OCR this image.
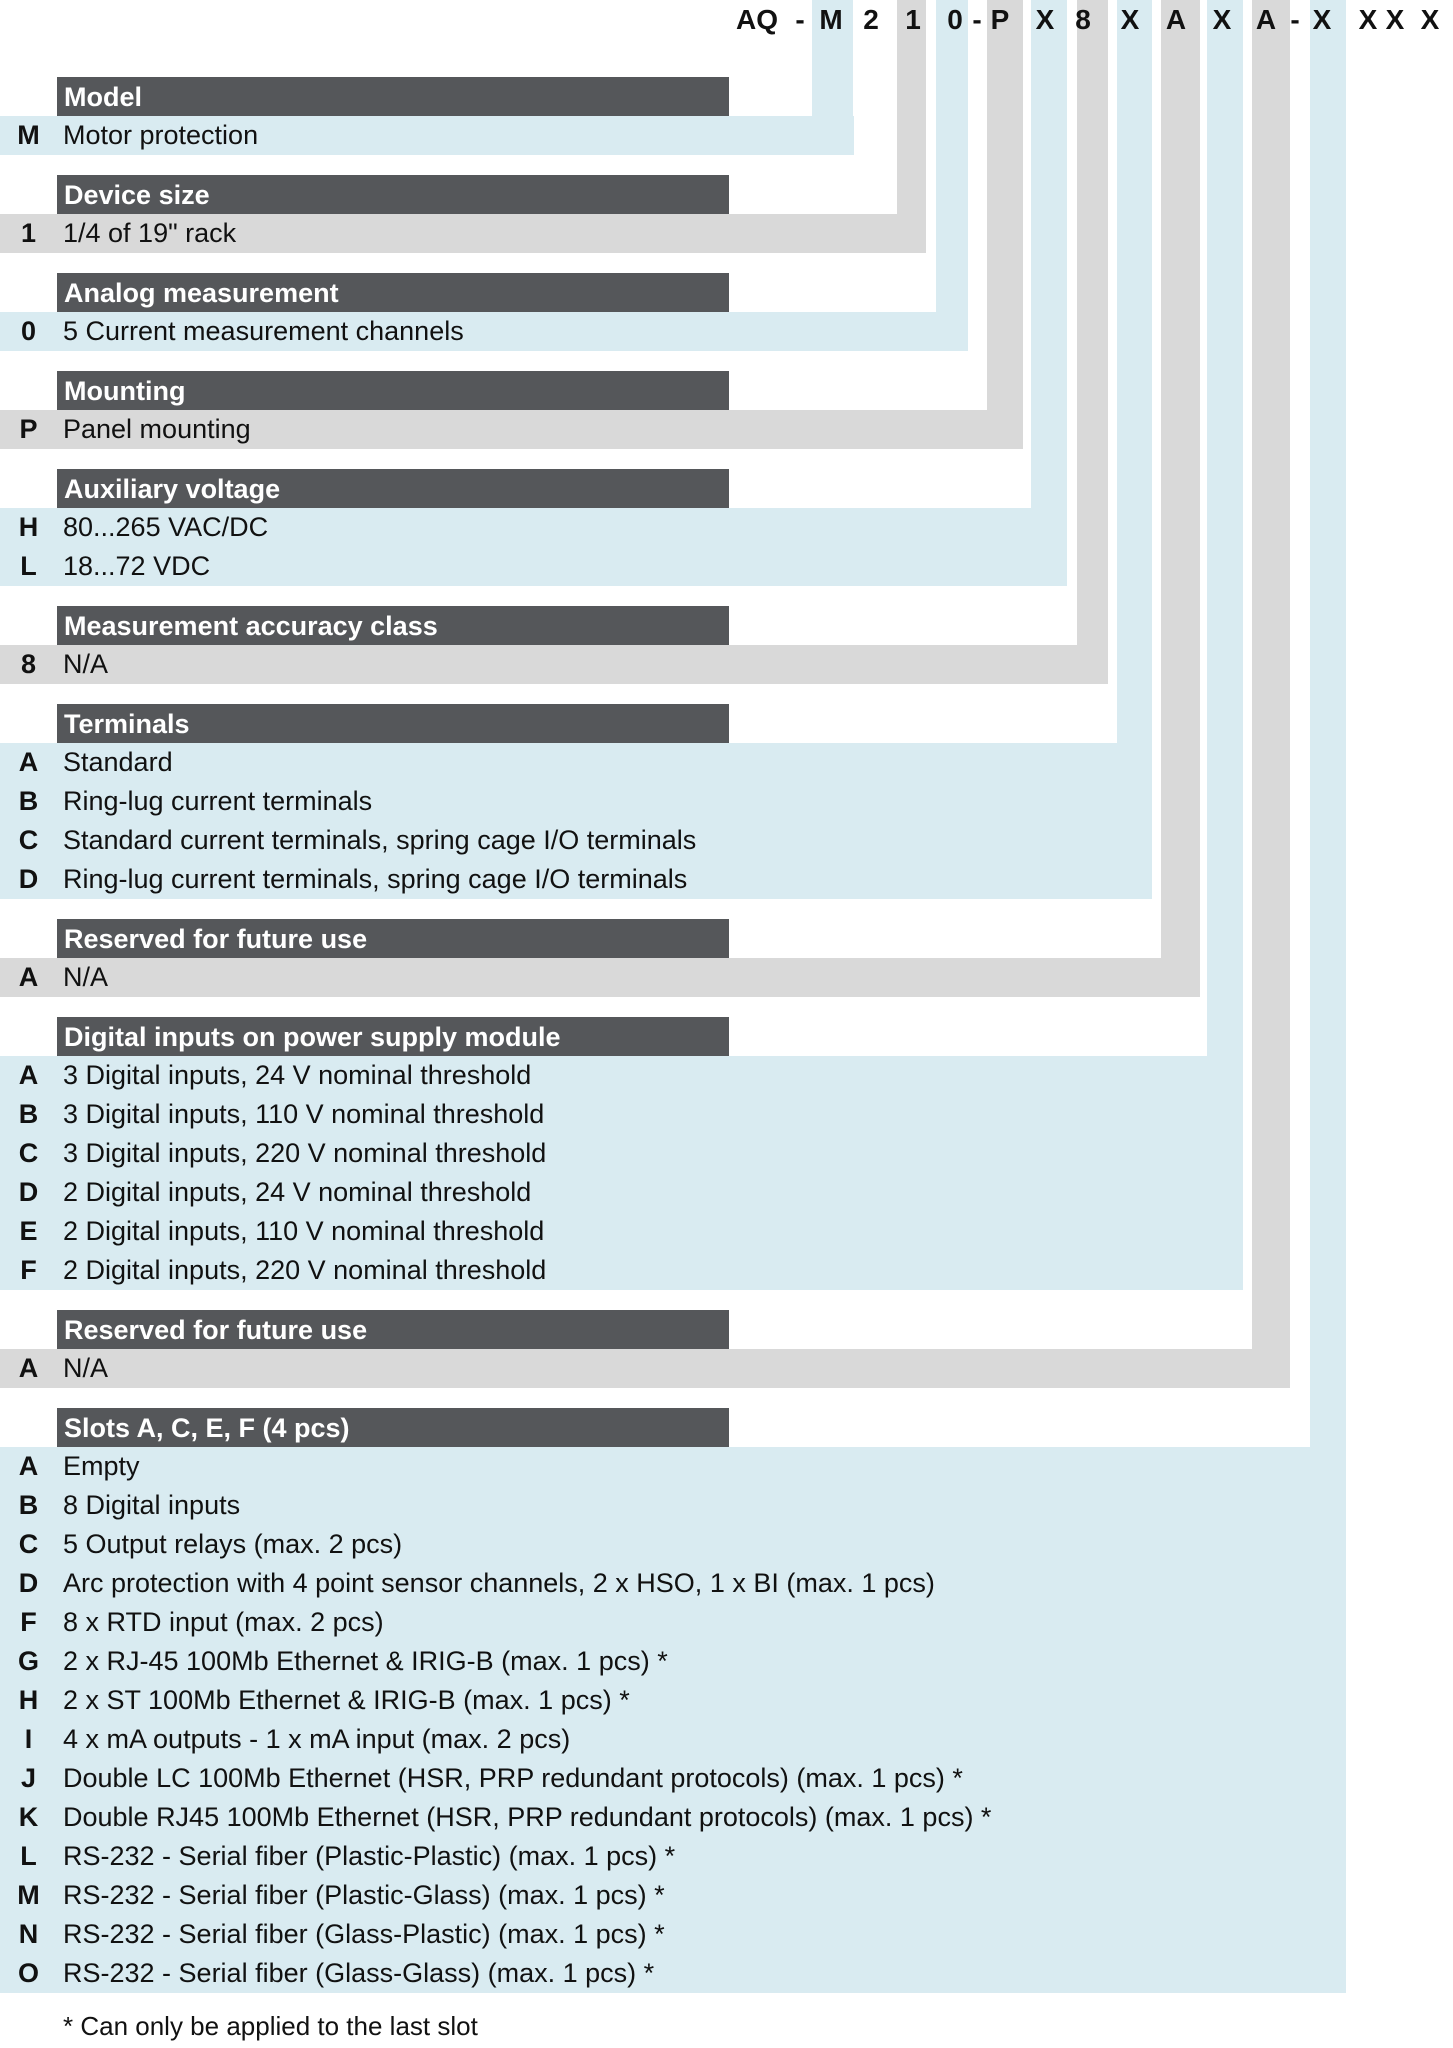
AQ - M 2 1 0 - P X 8 X A X A - X X X X
Model
M Motor protection
Device size
1 1/4 of 19" rack
Analog measurement
0 5 Current measurement channels
Mounting
P Panel mounting
Auxiliary voltage
H 80...265 VAC/DC
L 18...72 VDC
Measurement accuracy class
8 N/A
Terminals
A Standard
B Ring-lug current terminals
C Standard current terminals, spring cage I/O terminals
D Ring-lug current terminals, spring cage I/O terminals
Reserved for future use
A N/A
Digital inputs on power supply module
A 3 Digital inputs, 24 V nominal threshold
B 3 Digital inputs, 110 V nominal threshold
C 3 Digital inputs, 220 V nominal threshold
D 2 Digital inputs, 24 V nominal threshold
E 2 Digital inputs, 110 V nominal threshold
F 2 Digital inputs, 220 V nominal threshold
Reserved for future use
A N/A
Slots A, C, E, F (4 pcs)
A Empty
B 8 Digital inputs
C 5 Output relays (max. 2 pcs)
D Arc protection with 4 point sensor channels, 2 x HSO, 1 x BI (max. 1 pcs)
F 8 x RTD input (max. 2 pcs)
G 2 x RJ-45 100Mb Ethernet & IRIG-B (max. 1 pcs) *
H 2 x ST 100Mb Ethernet & IRIG-B (max. 1 pcs) *
I	4 x mA outputs - 1 x mA input (max. 2 pcs)
J Double LC 100Mb Ethernet (HSR, PRP redundant protocols) (max. 1 pcs) *
K Double RJ45 100Mb Ethernet (HSR, PRP redundant protocols) (max. 1 pcs) *
L RS-232 - Serial fiber (Plastic-Plastic) (max. 1 pcs) *
M RS-232 - Serial fiber (Plastic-Glass) (max. 1 pcs) *
N RS-232 - Serial fiber (Glass-Plastic) (max. 1 pcs) *
O RS-232 - Serial fiber (Glass-Glass) (max. 1 pcs) *
* Can only be applied to the last slot
